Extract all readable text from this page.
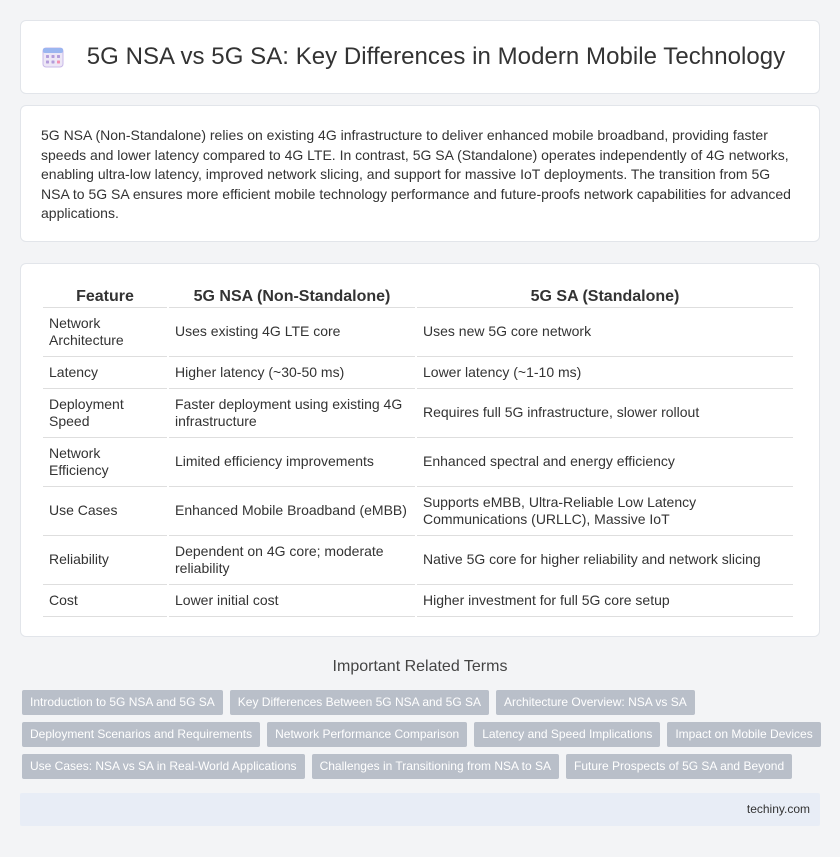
5G NSA vs 5G SA: Key Differences in Modern Mobile Technology

5G NSA (Non-Standalone) relies on existing 4G infrastructure to deliver enhanced mobile broadband, providing faster speeds and lower latency compared to 4G LTE. In contrast, 5G SA (Standalone) operates independently of 4G networks, enabling ultra-low latency, improved network slicing, and support for massive IoT deployments. The transition from 5G NSA to 5G SA ensures more efficient mobile technology performance and future-proofs network capabilities for advanced applications.

Feature	5G NSA (Non-Standalone)	5G SA (Standalone)
Network Architecture	Uses existing 4G LTE core	Uses new 5G core network
Latency	Higher latency (~30-50 ms)	Lower latency (~1-10 ms)
Deployment Speed	Faster deployment using existing 4G infrastructure	Requires full 5G infrastructure, slower rollout
Network Efficiency	Limited efficiency improvements	Enhanced spectral and energy efficiency
Use Cases	Enhanced Mobile Broadband (eMBB)	Supports eMBB, Ultra-Reliable Low Latency Communications (URLLC), Massive IoT
Reliability	Dependent on 4G core; moderate reliability	Native 5G core for higher reliability and network slicing
Cost	Lower initial cost	Higher investment for full 5G core setup
Important Related Terms
Introduction to 5G NSA and 5G SA	Key Differences Between 5G NSA and 5G SA	Architecture Overview: NSA vs SA
Deployment Scenarios and Requirements	Network Performance Comparison	Latency and Speed Implications	Impact on Mobile Devices
Use Cases: NSA vs SA in Real-World Applications	Challenges in Transitioning from NSA to SA	Future Prospects of 5G SA and Beyond
techiny.com
